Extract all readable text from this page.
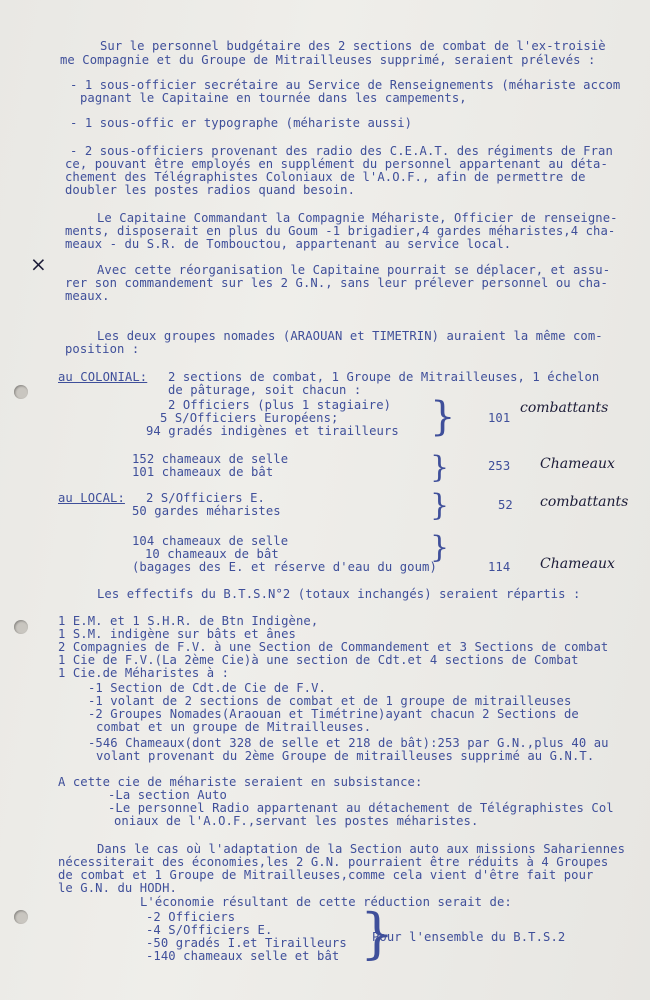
Sur le personnel budgétaire des 2 sections de combat de l'ex-troisiè
me Compagnie et du Groupe de Mitrailleuses supprimé, seraient prélevés :
- 1 sous-officier secrétaire au Service de Renseignements (méhariste accom
pagnant le Capitaine en tournée dans les campements,
- 1 sous-offic er typographe (méhariste aussi)
- 2 sous-officiers provenant des radio des C.E.A.T. des régiments de Fran
ce, pouvant être employés en supplément du personnel appartenant au déta-
chement des Télégraphistes Coloniaux de l'A.O.F., afin de permettre de
doubler les postes radios quand besoin.
Le Capitaine Commandant la Compagnie Méhariste, Officier de renseigne-
ments, disposerait en plus du Goum -1 brigadier,4 gardes méharistes,4 cha-
meaux - du S.R. de Tombouctou, appartenant au service local.
⨯	Avec cette réorganisation le Capitaine pourrait se déplacer, et assu-
rer son commandement sur les 2 G.N., sans leur prélever personnel ou cha-
meaux.
Les deux groupes nomades (ARAOUAN et TIMETRIN) auraient la même com-
position :
au COLONIAL: 2 sections de combat, 1 Groupe de Mitrailleuses, 1 échelon
de pâturage, soit chacun :
2 Officiers (plus 1 stagiaire)
5 S/Officiers Européens;
94 gradés indigènes et tirailleurs }	101
combattants
152 chameaux de selle
101 chameaux de bât	}	253 Chameaux
au LOCAL: 2 S/Officiers E.
50 gardes méharistes	}	52 combattants
104 chameaux de selle
10 chameaux de bât
(bagages des E. et réserve d'eau du goum)
}
114 Chameaux
Les effectifs du B.T.S.N°2 (totaux inchangés) seraient répartis :
1 E.M. et 1 S.H.R. de Btn Indigène,
1 S.M. indigène sur bâts et ânes
2 Compagnies de F.V. à une Section de Commandement et 3 Sections de combat
1 Cie de F.V.(La 2ème Cie)à une section de Cdt.et 4 sections de Combat
1 Cie.de Méharistes à :
-1 Section de Cdt.de Cie de F.V.
-1 volant de 2 sections de combat et de 1 groupe de mitrailleuses
-2 Groupes Nomades(Araouan et Timétrine)ayant chacun 2 Sections de
combat et un groupe de Mitrailleuses.
-546 Chameaux(dont 328 de selle et 218 de bât):253 par G.N.,plus 40 au
volant provenant du 2ème Groupe de mitrailleuses supprimé au G.N.T.
A cette cie de méhariste seraient en subsistance:
-La section Auto
-Le personnel Radio appartenant au détachement de Télégraphistes Col
oniaux de l'A.O.F.,servant les postes méharistes.
Dans le cas où l'adaptation de la Section auto aux missions Sahariennes
nécessiterait des économies,les 2 G.N. pourraient être réduits à 4 Groupes
de combat et 1 Groupe de Mitrailleuses,comme cela vient d'être fait pour
le G.N. du HODH.
L'économie résultant de cette réduction serait de:
-2 Officiers
-4 S/Officiers E.
-50 gradés I.et Tirailleurs
-140 chameaux selle et bât }
Pour l'ensemble du B.T.S.2
